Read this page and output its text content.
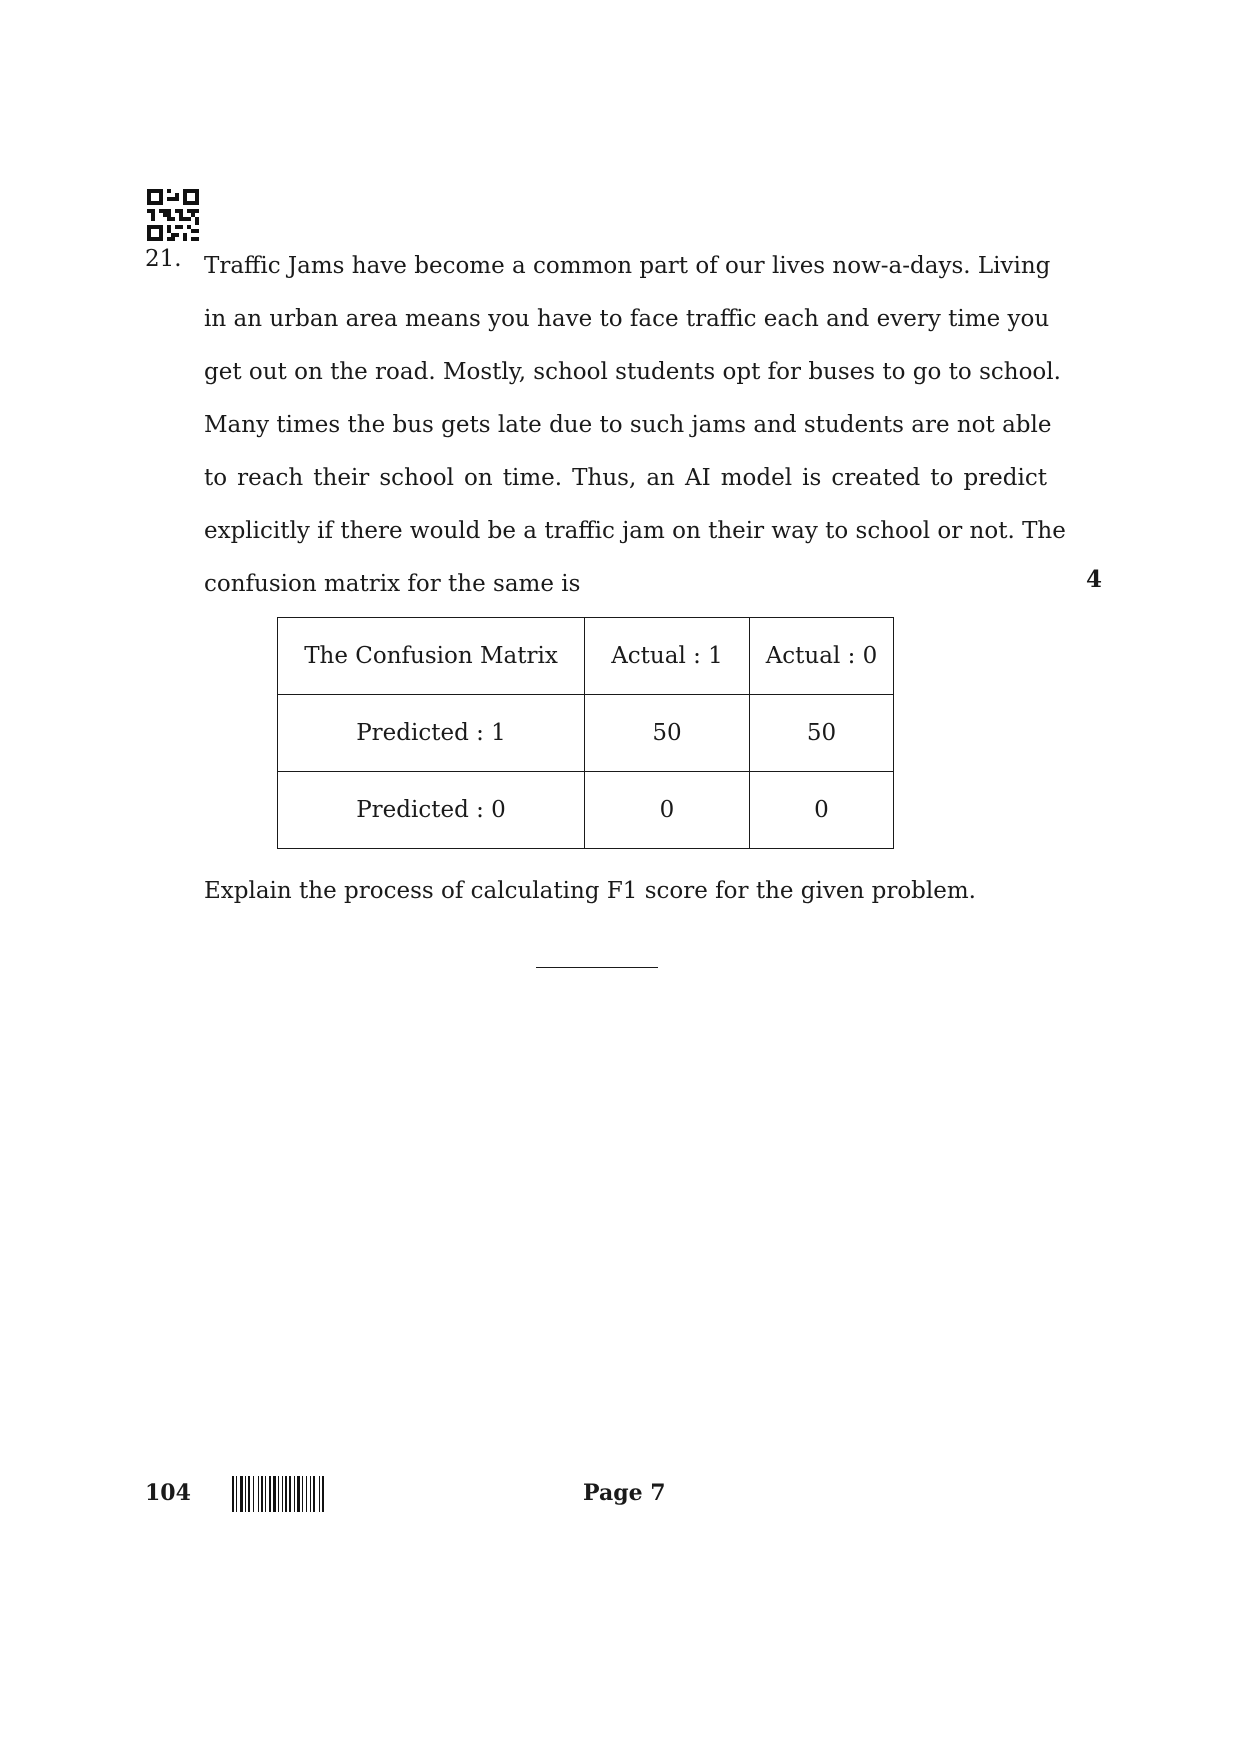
21. Traffic Jams have become a common part of our lives now-a-days. Living
in an urban area means you have to face traffic each and every time you
get out on the road. Mostly, school students opt for buses to go to school.
Many times the bus gets late due to such jams and students are not able
to reach their school on time. Thus, an AI model is created to predict
explicitly if there would be a traffic jam on their way to school or not. The
confusion matrix for the same is	4
The Confusion Matrix	Actual : 1	Actual : 0
Predicted : 1	50	50
Predicted : 0	0	0
Explain the process of calculating F1 score for the given problem.
104	Page 7
